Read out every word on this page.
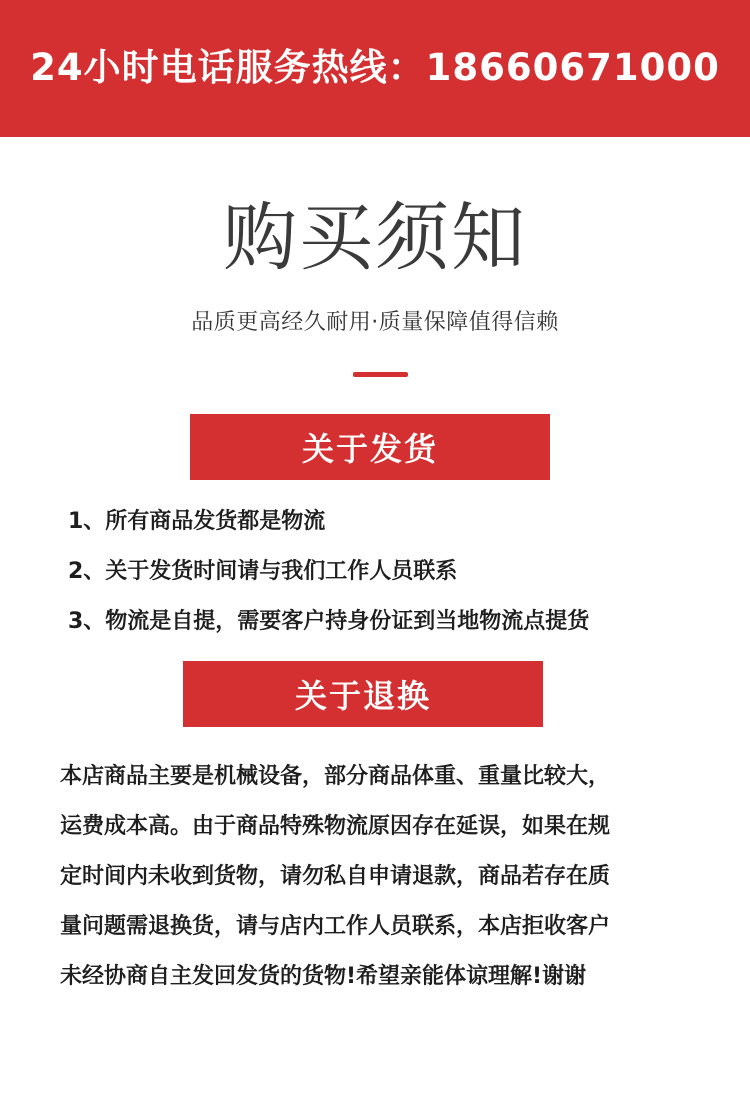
24小时电话服务热线：18660671000
购买须知
品质更高经久耐用·质量保障值得信赖
关于发货
1、所有商品发货都是物流
2、关于发货时间请与我们工作人员联系
3、物流是自提，需要客户持身份证到当地物流点提货
关于退换
本店商品主要是机械设备，部分商品体重、重量比较大，
运费成本高。由于商品特殊物流原因存在延误，如果在规
定时间内未收到货物，请勿私自申请退款，商品若存在质
量问题需退换货，请与店内工作人员联系，本店拒收客户
未经协商自主发回发货的货物!希望亲能体谅理解!谢谢
